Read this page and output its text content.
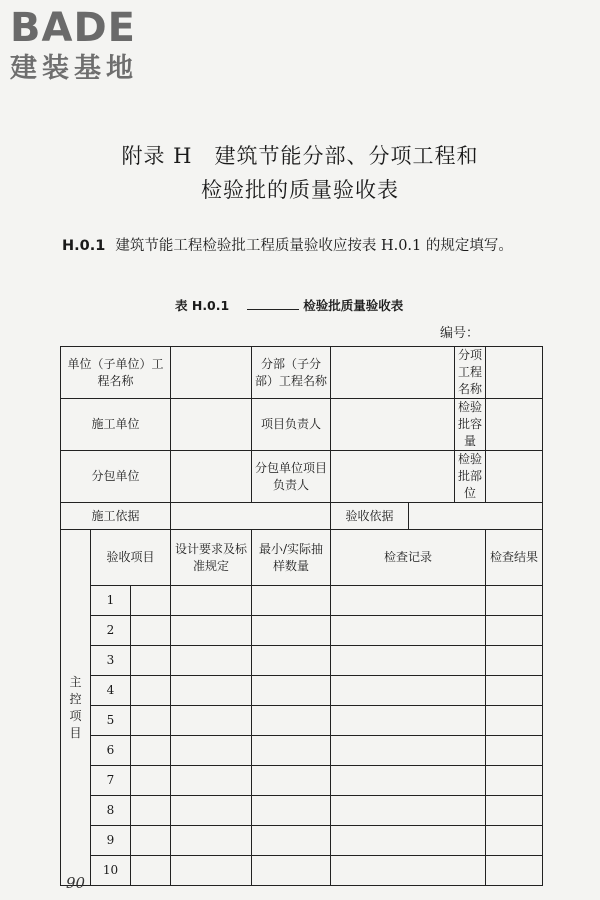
BADE
建装基地
附录 H　建筑节能分部、分项工程和
检验批的质量验收表
H.0.1 建筑节能工程检验批工程质量验收应按表 H.0.1 的规定填写。
表 H.0.1	检验批质量验收表
编号：
单位（子单位）工程名称				分部（子分部）工程名称			分项工程名称	
施工单位				项目负责人			检验批容量	
分包单位				分包单位项目负责人			检验批部位	
施工依据					验收依据			
主控项目	验收项目		设计要求及标准规定	最小/实际抽样数量	检查记录			检查结果
	1							
	2							
	3							
	4							
	5							
	6							
	7							
	8							
	9							
	10							
90
